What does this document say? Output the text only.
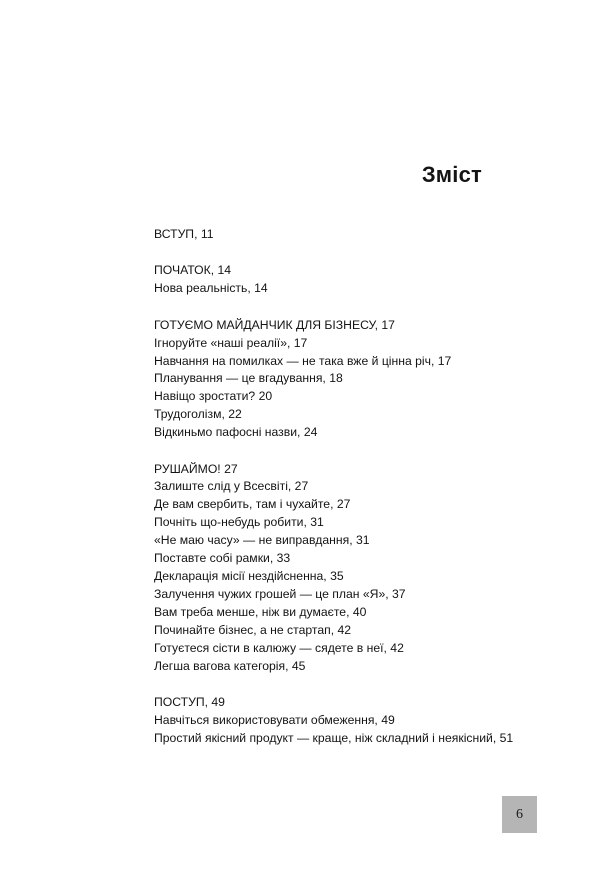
Зміст
ВСТУП, 11
ПОЧАТОК, 14
Нова реальність, 14
ГОТУЄМО МАЙДАНЧИК ДЛЯ БІЗНЕСУ, 17
Ігноруйте «наші реалії», 17
Навчання на помилках — не така вже й цінна річ, 17
Планування — це вгадування, 18
Навіщо зростати? 20
Трудоголізм, 22
Відкиньмо пафосні назви, 24
РУШАЙМО! 27
Залиште слід у Всесвіті, 27
Де вам свербить, там і чухайте, 27
Почніть що-небудь робити, 31
«Не маю часу» — не виправдання, 31
Поставте собі рамки, 33
Декларація місії нездійсненна, 35
Залучення чужих грошей — це план «Я», 37
Вам треба менше, ніж ви думаєте, 40
Починайте бізнес, а не стартап, 42
Готуєтеся сісти в калюжу — сядете в неї, 42
Легша вагова категорія, 45
ПОСТУП, 49
Навчіться використовувати обмеження, 49
Простий якісний продукт — краще, ніж складний і неякісний, 51
6
